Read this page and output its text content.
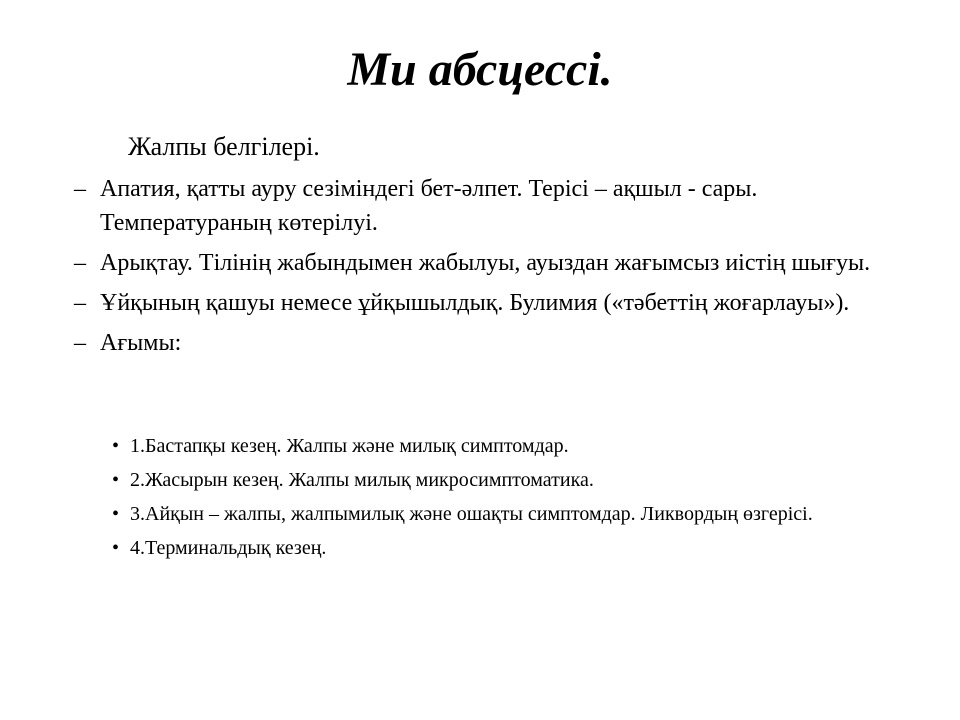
Ми абсцессі.

Жалпы белгілері.

– Апатия, қатты ауру сезіміндегі бет-әлпет. Терісі – ақшыл - сары. Температураның көтерілуі.
– Арықтау. Тілінің жабындымен жабылуы, ауыздан жағымсыз иістің шығуы.
– Ұйқының қашуы немесе ұйқышылдық. Булимия («тәбеттің жоғарлауы»).
– Ағымы:
• 1.Бастапқы кезең. Жалпы және милық симптомдар.
• 2.Жасырын кезең. Жалпы милық микросимптоматика.
• 3.Айқын – жалпы, жалпымилық және ошақты симптомдар. Ликвордың өзгерісі.
• 4.Терминальдық кезең.
